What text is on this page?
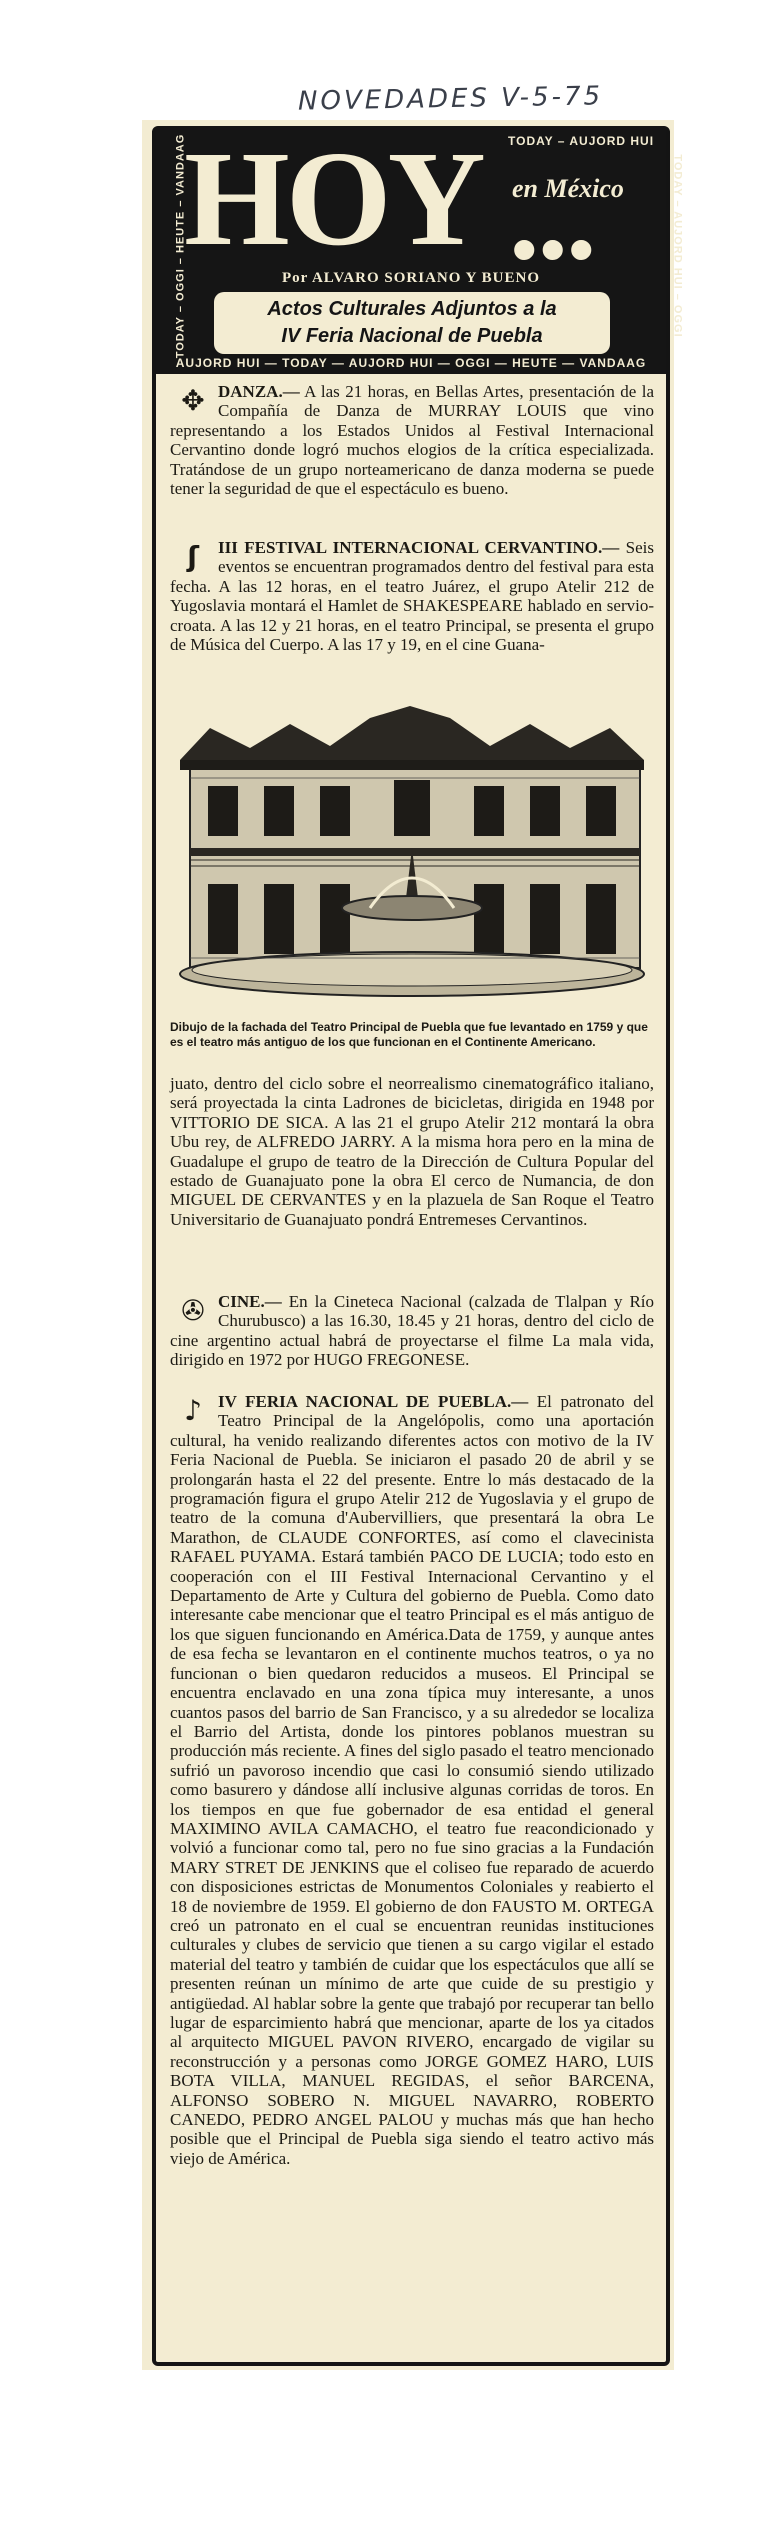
NOVEDADES V-5-75
TODAY – AUJORD HUI
TODAY – OGGI – HEUTE – VANDAAG	TODAY – AUJORD HUI – OGGI
HOY en México
•••
Por ALVARO SORIANO Y BUENO
Actos Culturales Adjuntos a la
IV Feria Nacional de Puebla
AUJORD HUI — TODAY — AUJORD HUI — OGGI — HEUTE — VANDAAG

✥ DANZA.— A las 21 horas, en Bellas Artes, presentación de la Compañía de Danza de MURRAY LOUIS que vino representando a los Estados Unidos al Festival Internacional Cervantino donde logró muchos elogios de la crítica especializada. Tratándose de un grupo norteamericano de danza moderna se puede tener la seguridad de que el espectáculo es bueno.

ʃ	III FESTIVAL INTERNACIONAL CERVANTINO.— Seis eventos se encuentran programados dentro del festival para esta fecha. A las 12 horas, en el teatro Juárez, el grupo Atelir 212 de Yugoslavia montará el Hamlet de SHAKESPEARE hablado en servio-croata. A las 12 y 21 horas, en el teatro Principal, se presenta el grupo de Música del Cuerpo. A las 17 y 19, en el cine Guana-

Dibujo de la fachada del Teatro Principal de Puebla que fue levantado en 1759 y que es el teatro más antiguo de los que funcionan en el Continente Americano.

juato, dentro del ciclo sobre el neorrealismo cinematográfico italiano, será proyectada la cinta Ladrones de bicicletas, dirigida en 1948 por VITTORIO DE SICA. A las 21 el grupo Atelir 212 montará la obra Ubu rey, de ALFREDO JARRY. A la misma hora pero en la mina de Guadalupe el grupo de teatro de la Dirección de Cultura Popular del estado de Guanajuato pone la obra El cerco de Numancia, de don MIGUEL DE CERVANTES y en la plazuela de San Roque el Teatro Universitario de Guanajuato pondrá Entremeses Cervantinos.

✇ CINE.— En la Cineteca Nacional (calzada de Tlalpan y Río Churubusco) a las 16.30, 18.45 y 21 horas, dentro del ciclo de cine argentino actual habrá de proyectarse el filme La mala vida, dirigido en 1972 por HUGO FREGONESE.

♪ IV FERIA NACIONAL DE PUEBLA.— El patronato del Teatro Principal de la Angelópolis, como una aportación cultural, ha venido realizando diferentes actos con motivo de la IV Feria Nacional de Puebla. Se iniciaron el pasado 20 de abril y se prolongarán hasta el 22 del presente. Entre lo más destacado de la programación figura el grupo Atelir 212 de Yugoslavia y el grupo de teatro de la comuna d'Aubervilliers, que presentará la obra Le Marathon, de CLAUDE CONFORTES, así como el clavecinista RAFAEL PUYAMA. Estará también PACO DE LUCIA; todo esto en cooperación con el III Festival Internacional Cervantino y el Departamento de Arte y Cultura del gobierno de Puebla. Como dato interesante cabe mencionar que el teatro Principal es el más antiguo de los que siguen funcionando en América.Data de 1759, y aunque antes de esa fecha se levantaron en el continente muchos teatros, o ya no funcionan o bien quedaron reducidos a museos. El Principal se encuentra enclavado en una zona típica muy interesante, a unos cuantos pasos del barrio de San Francisco, y a su alrededor se localiza el Barrio del Artista, donde los pintores poblanos muestran su producción más reciente. A fines del siglo pasado el teatro mencionado sufrió un pavoroso incendio que casi lo consumió siendo utilizado como basurero y dándose allí inclusive algunas corridas de toros. En los tiempos en que fue gobernador de esa entidad el general MAXIMINO AVILA CAMACHO, el teatro fue reacondicionado y volvió a funcionar como tal, pero no fue sino gracias a la Fundación MARY STRET DE JENKINS que el coliseo fue reparado de acuerdo con disposiciones estrictas de Monumentos Coloniales y reabierto el 18 de noviembre de 1959. El gobierno de don FAUSTO M. ORTEGA creó un patronato en el cual se encuentran reunidas instituciones culturales y clubes de servicio que tienen a su cargo vigilar el estado material del teatro y también de cuidar que los espectáculos que allí se presenten reúnan un mínimo de arte que cuide de su prestigio y antigüedad. Al hablar sobre la gente que trabajó por recuperar tan bello lugar de esparcimiento habrá que mencionar, aparte de los ya citados al arquitecto MIGUEL PAVON RIVERO, encargado de vigilar su reconstrucción y a personas como JORGE GOMEZ HARO, LUIS BOTA VILLA, MANUEL REGIDAS, el señor BARCENA, ALFONSO SOBERO N. MIGUEL NAVARRO, ROBERTO CANEDO, PEDRO ANGEL PALOU y muchas más que han hecho posible que el Principal de Puebla siga siendo el teatro activo más viejo de América.
